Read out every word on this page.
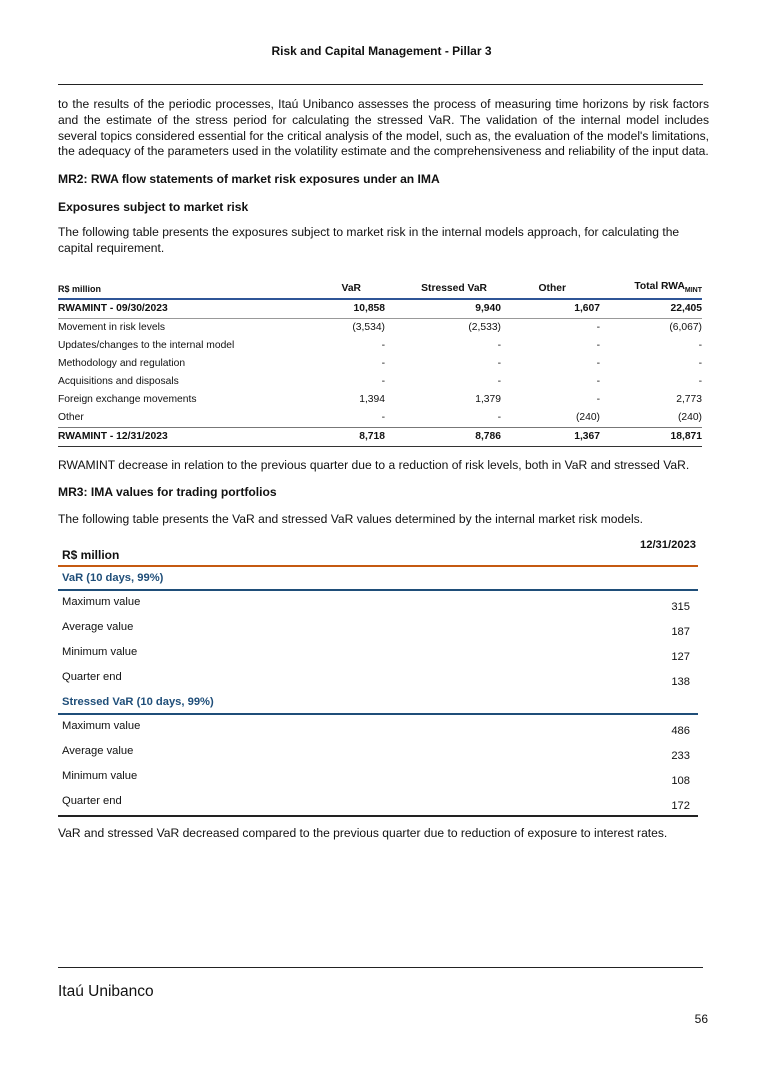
Risk and Capital Management - Pillar 3

to the results of the periodic processes, Itaú Unibanco assesses the process of measuring time horizons by risk factors and the estimate of the stress period for calculating the stressed VaR. The validation of the internal model includes several topics considered essential for the critical analysis of the model, such as, the evaluation of the model's limitations, the adequacy of the parameters used in the volatility estimate and the comprehensiveness and reliability of the input data.

MR2: RWA flow statements of market risk exposures under an IMA
Exposures subject to market risk

The following table presents the exposures subject to market risk in the internal models approach, for calculating the capital requirement.

R$ million	VaR	Stressed VaR	Other	Total $RWA_{MINT}$
RWAMINT - 09/30/2023	10,858	9,940	1,607	22,405
Movement in risk levels	(3,534)	(2,533)	-	(6,067)
Updates/changes to the internal model	-	-	-	-
Methodology and regulation	-	-	-	-
Acquisitions and disposals	-	-	-	-
Foreign exchange movements	1,394	1,379	-	2,773
Other	-	-	(240)	(240)
RWAMINT - 12/31/2023	8,718	8,786	1,367	18,871

RWAMINT decrease in relation to the previous quarter due to a reduction of risk levels, both in VaR and stressed VaR.

MR3: IMA values for trading portfolios

The following table presents the VaR and stressed VaR values determined by the internal market risk models.

R$ million
12/31/2023
VaR (10 days, 99%)
Maximum value	315
Average value	187
Minimum value	127
Quarter end	138
Stressed VaR (10 days, 99%)
Maximum value	486
Average value	233
Minimum value	108
Quarter end	172

VaR and stressed VaR decreased compared to the previous quarter due to reduction of exposure to interest rates.

Itaú Unibanco
56
